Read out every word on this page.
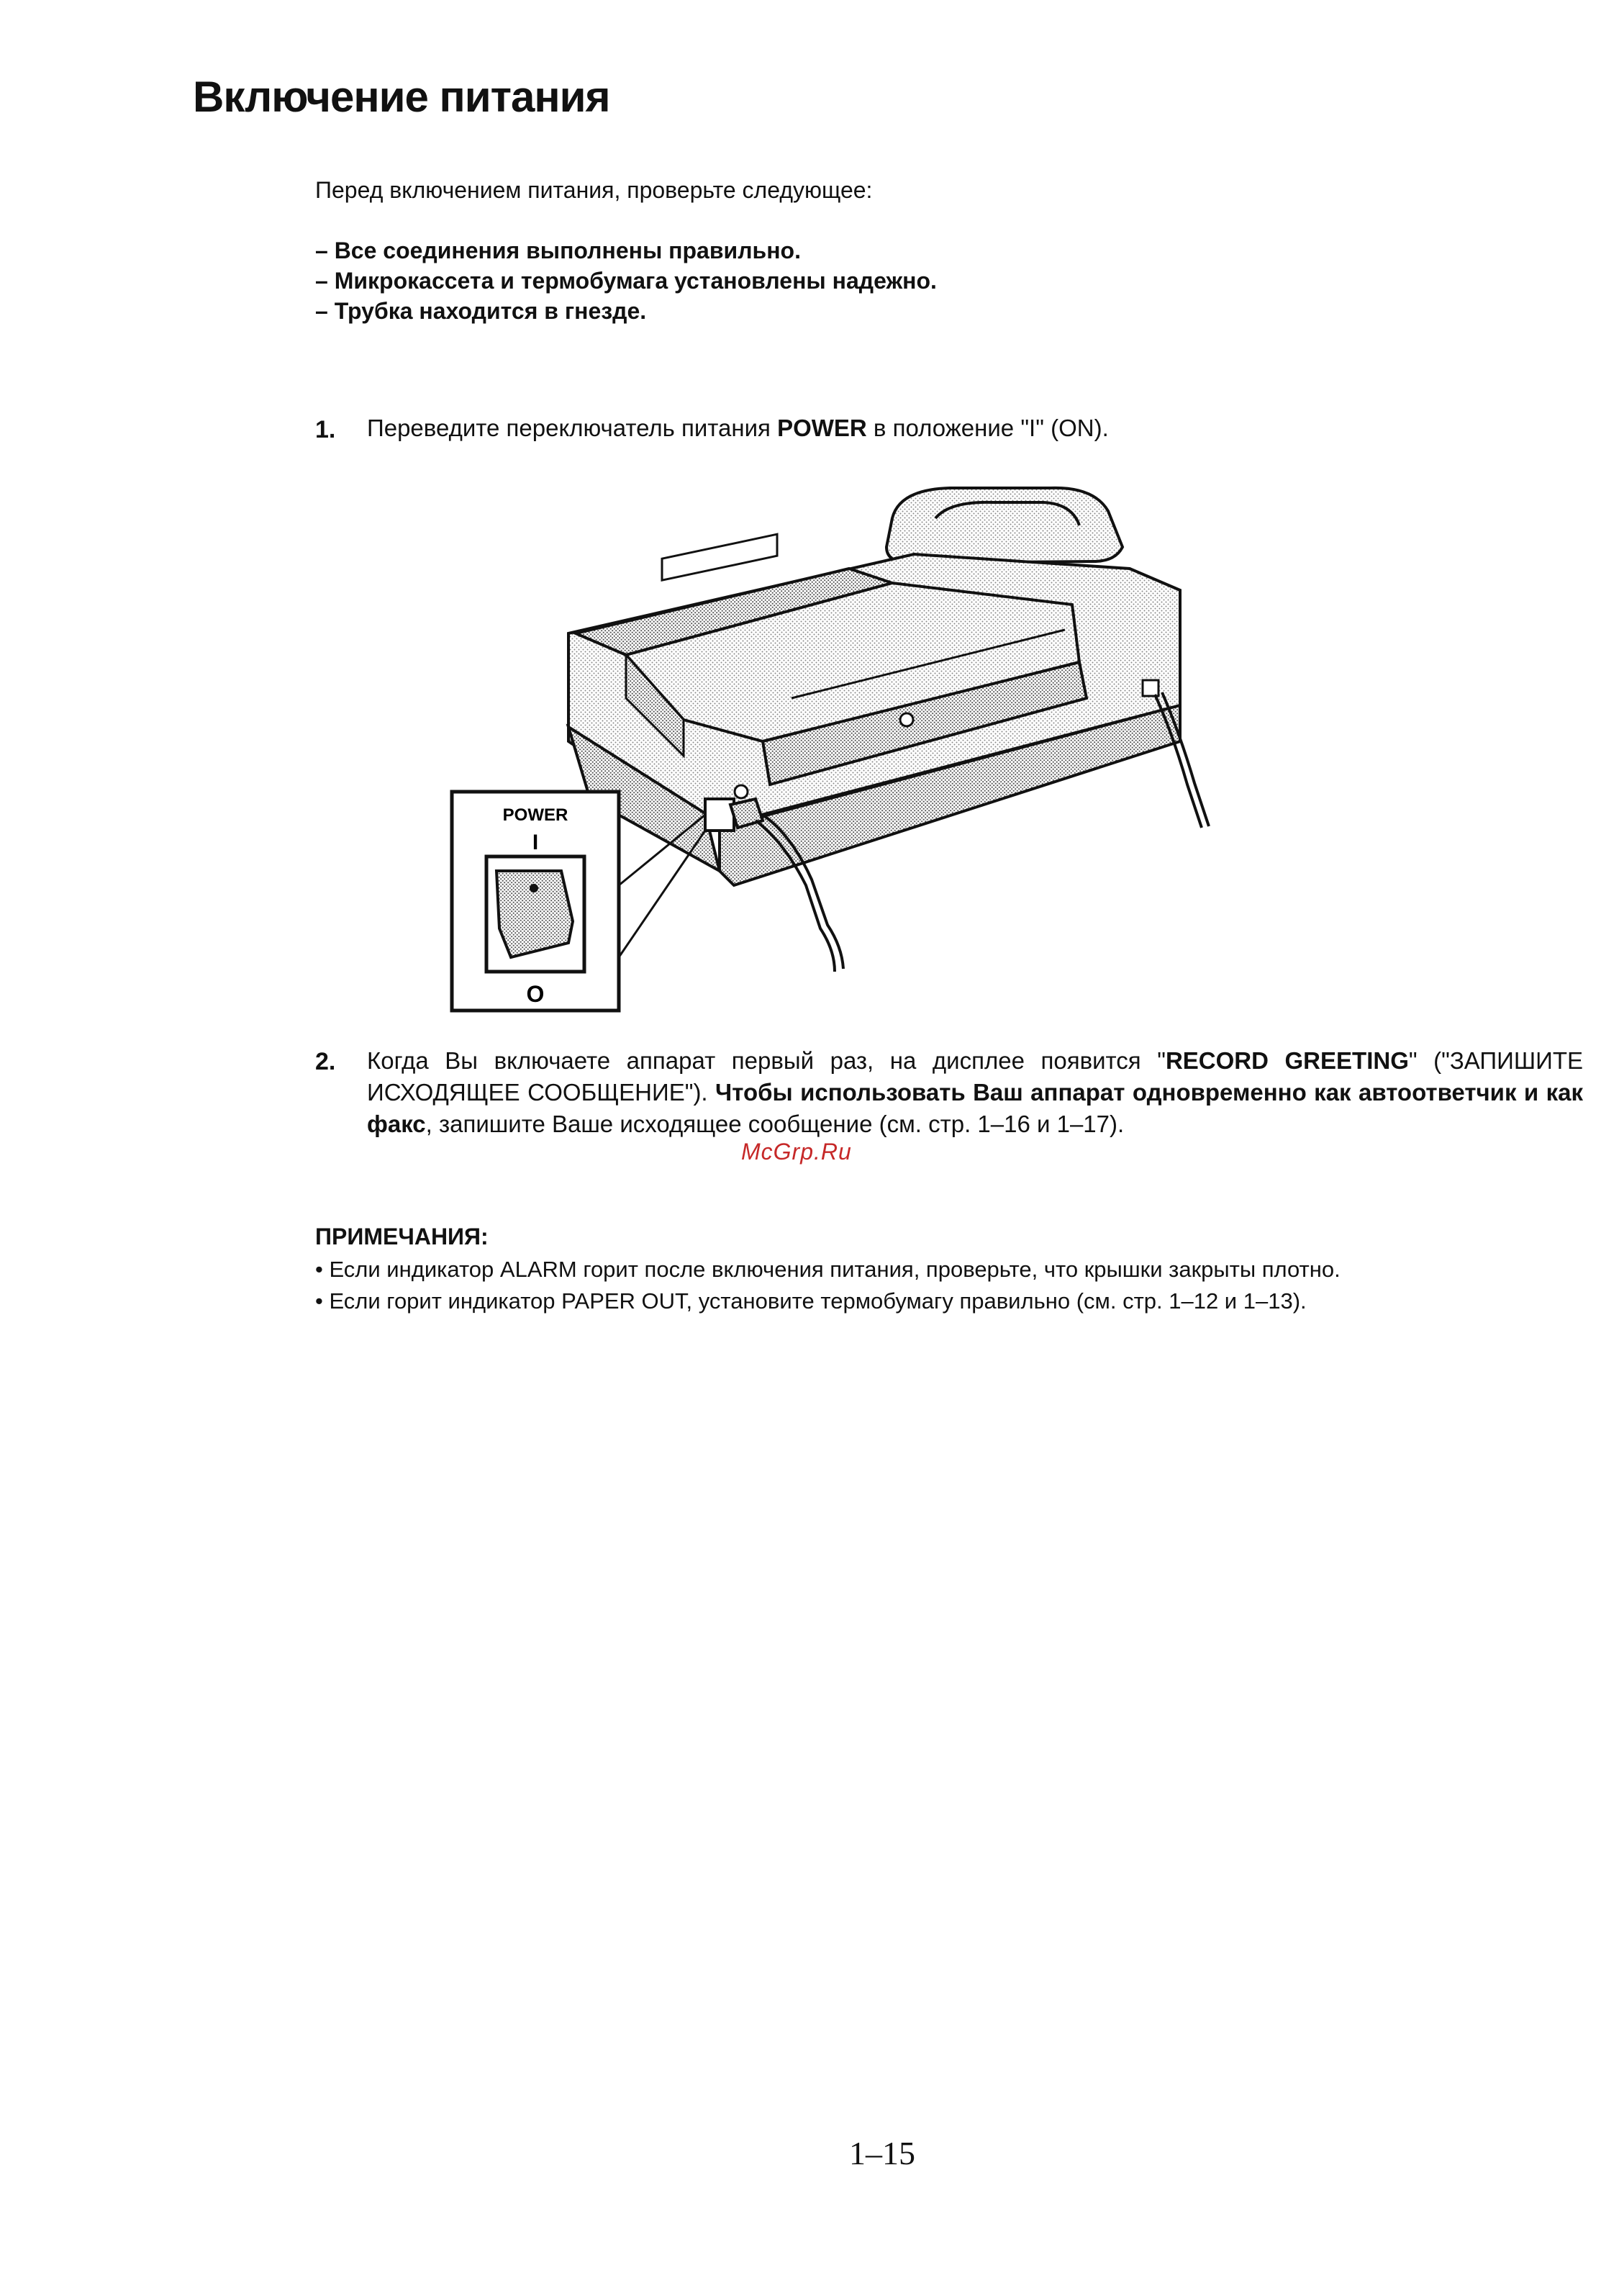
Включение питания
Перед включением питания, проверьте следующее:
– Все соединения выполнены правильно.
– Микрокассета и термобумага установлены надежно.
– Трубка находится в гнезде.
1. Переведите переключатель питания POWER в положение "I" (ON).
POWER
I
O
2. Когда Вы включаете аппарат первый раз, на дисплее появится "RECORD GREETING" ("ЗАПИШИТЕ ИСХОДЯЩЕЕ СООБЩЕНИЕ"). Чтобы использовать Ваш аппарат одновременно как автоответчик и как факс, запишите Ваше исходящее сообщение (см. стр. 1–16 и 1–17).
McGrp.Ru
ПРИМЕЧАНИЯ:
• Если индикатор ALARM горит после включения питания, проверьте, что крышки закрыты плотно.
• Если горит индикатор PAPER OUT, установите термобумагу правильно (см. стр. 1–12 и 1–13).
1–15
